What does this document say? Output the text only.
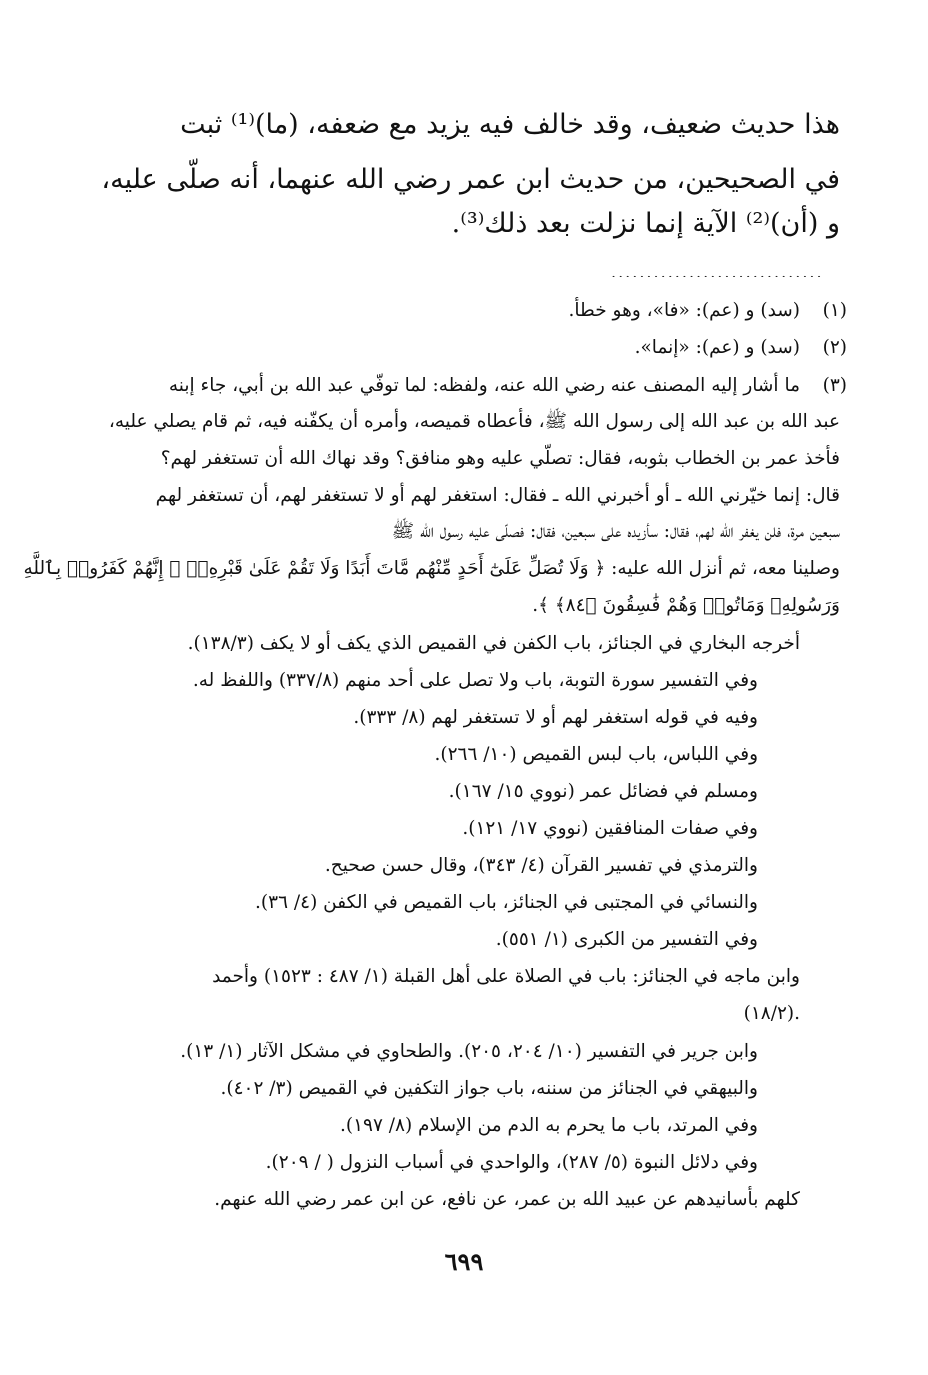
هذا حديث ضعيف، وقد خالف فيه يزيد مع ضعفه، (ما)⁽¹⁾ ثبت
في الصحيحين، من حديث ابن عمر رضي الله عنهما، أنه صلّى عليه،
و (أن)⁽²⁾ الآية إنما نزلت بعد ذلك⁽³⁾.
..............................
(١)
(سد) و (عم): «فا»، وهو خطأ.
(٢)
(سد) و (عم): «إنما».
(٣)
ما أشار إليه المصنف عنه رضي الله عنه، ولفظه: لما توفّي عبد الله بن أبي، جاء إبنه
عبد الله بن عبد الله إلى رسول الله ﷺ، فأعطاه قميصه، وأمره أن يكفّنه فيه، ثم قام يصلي عليه،
فأخذ عمر بن الخطاب بثوبه، فقال: تصلّي عليه وهو منافق؟ وقد نهاك الله أن تستغفر لهم؟
قال: إنما خيّرني الله ـ أو أخبرني الله ـ فقال: استغفر لهم أو لا تستغفر لهم، أن تستغفر لهم
سبعين مرة، فلن يغفر الله لهم، فقال: سأزيده على سبعين، فقال: فصلّى عليه رسول الله ﷺ
وصلينا معه، ثم أنزل الله عليه: ﴿ وَلَا تُصَلِّ عَلَىٰٓ أَحَدٍ مِّنْهُم مَّاتَ أَبَدًا وَلَا تَقُمْ عَلَىٰ قَبْرِهِۦٓ ۖ إِنَّهُمْ كَفَرُوا۟ بِٱللَّهِ
وَرَسُولِهِۦ وَمَاتُوا۟ وَهُمْ فَٰسِقُونَ ﴿٨٤﴾ ﴾.
أخرجه البخاري في الجنائز، باب الكفن في القميص الذي يكف أو لا يكف (١٣٨/٣).
وفي التفسير سورة التوبة، باب ولا تصل على أحد منهم (٣٣٧/٨) واللفظ له.
وفيه في قوله استغفر لهم أو لا تستغفر لهم (٨/ ٣٣٣).
وفي اللباس، باب لبس القميص (١٠/ ٢٦٦).
ومسلم في فضائل عمر (نووي ١٥/ ١٦٧).
وفي صفات المنافقين (نووي ١٧/ ١٢١).
والترمذي في تفسير القرآن (٤/ ٣٤٣)، وقال حسن صحيح.
والنسائي في المجتبى في الجنائز، باب القميص في الكفن (٤/ ٣٦).
وفي التفسير من الكبرى (١/ ٥٥١).
وابن ماجه في الجنائز: باب في الصلاة على أهل القبلة (١/ ٤٨٧ : ١٥٢٣) وأحمد
(١٨/٢).
وابن جرير في التفسير (١٠/ ٢٠٤، ٢٠٥). والطحاوي في مشكل الآثار (١/ ١٣).
والبيهقي في الجنائز من سننه، باب جواز التكفين في القميص (٣/ ٤٠٢).
وفي المرتد، باب ما يحرم به الدم من الإسلام (٨/ ١٩٧).
وفي دلائل النبوة (٥/ ٢٨٧)، والواحدي في أسباب النزول ( / ٢٠٩).
كلهم بأسانيدهم عن عبيد الله بن عمر، عن نافع، عن ابن عمر رضي الله عنهم.
٦٩٩
